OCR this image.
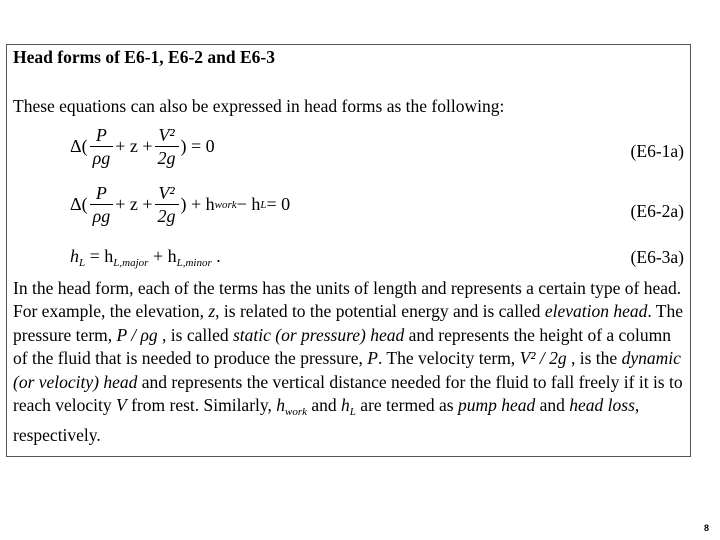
Head forms of E6-1, E6-2 and E6-3
These equations can also be expressed in head forms as the following:
$\Delta( \frac{P}{\rho g} + z + \frac{\text{V²}}{2g}$ ) = 0	(E6-1a)
$\Delta( \frac{P}{\rho g} + z + \frac{\text{V²}}{2g}$ ) + h work − h L = 0	(E6-2a)
$h_L = h_{L,major} + h_{L,minor}$ .	(E6-3a)
In the head form, each of the terms has the units of length and represents a certain type of head. For example, the elevation, z, is related to the potential energy and is called elevation head. The pressure term, P / ρg , is called static (or pressure) head and represents the height of a column of the fluid that is needed to produce the pressure, P. The velocity term, V² / 2g , is the dynamic (or velocity) head and represents the vertical distance needed for the fluid to fall freely if it is to reach velocity V from rest. Similarly, $h_{work}$ and $h_L$ are termed as pump head and head loss, respectively.
8
